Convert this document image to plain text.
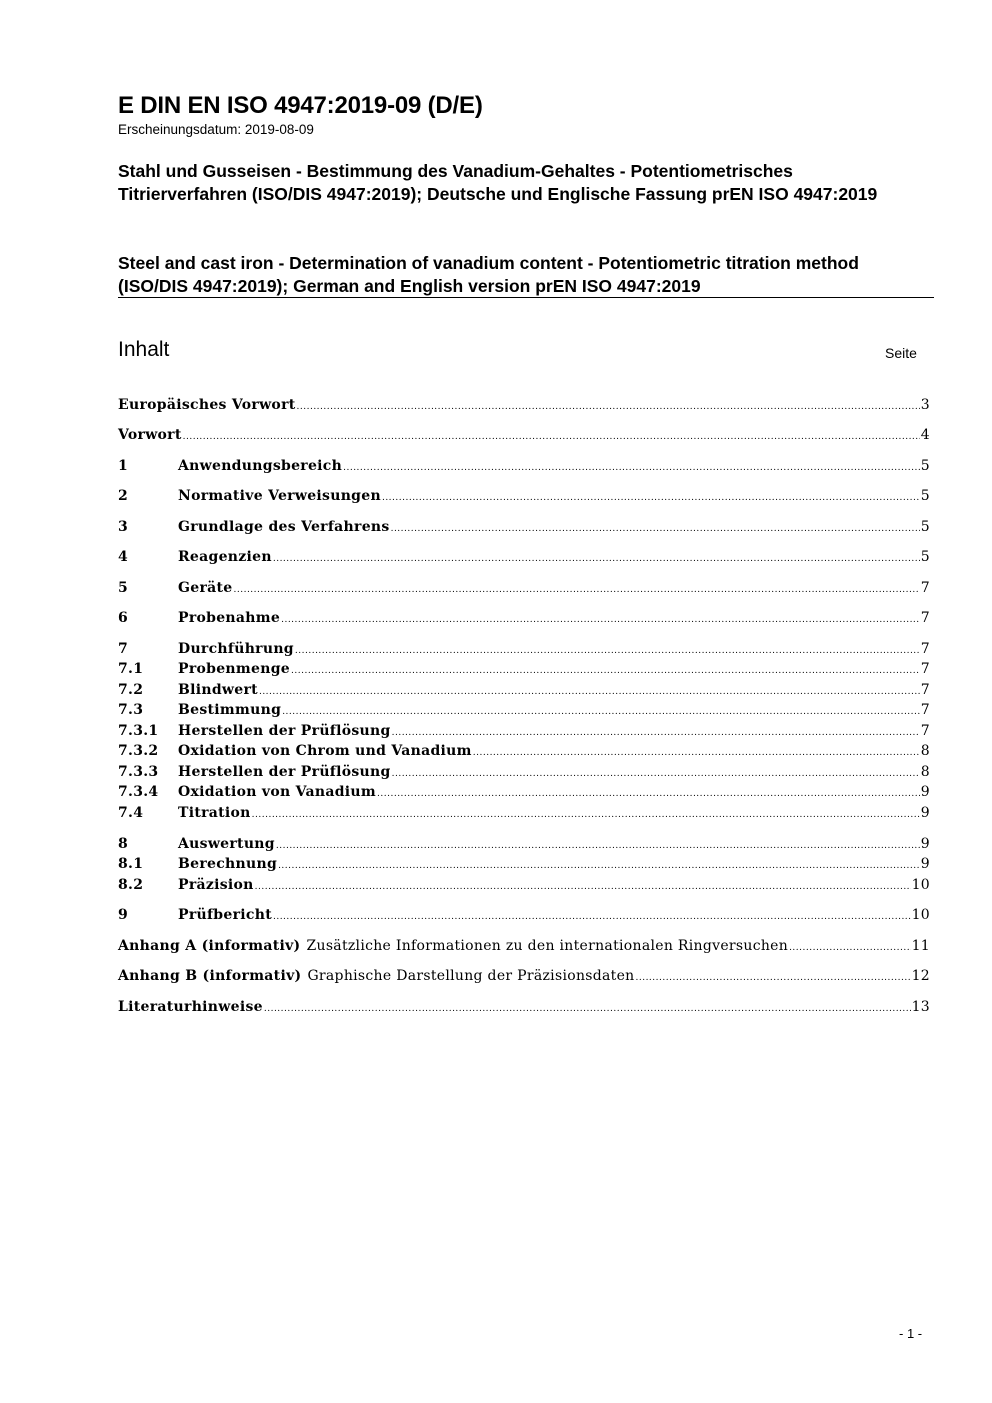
E DIN EN ISO 4947:2019-09 (D/E)
Erscheinungsdatum: 2019-08-09
Stahl und Gusseisen - Bestimmung des Vanadium-Gehaltes - Potentiometrisches Titrierverfahren (ISO/DIS 4947:2019); Deutsche und Englische Fassung prEN ISO 4947:2019
Steel and cast iron - Determination of vanadium content - Potentiometric titration method (ISO/DIS 4947:2019); German and English version prEN ISO 4947:2019
Inhalt	Seite
Europäisches Vorwort .....	3
Vorwort .....	4
1	Anwendungsbereich .....	5
2	Normative Verweisungen .....	5
3	Grundlage des Verfahrens .....	5
4	Reagenzien .....	5
5	Geräte .....	7
6	Probenahme .....	7
7	Durchführung .....	7
7.1	Probenmenge .....	7
7.2	Blindwert .....	7
7.3	Bestimmung .....	7
7.3.1	Herstellen der Prüflösung .....	7
7.3.2	Oxidation von Chrom und Vanadium .....	8
7.3.3	Herstellen der Prüflösung .....	8
7.3.4	Oxidation von Vanadium .....	9
7.4	Titration .....	9
8	Auswertung .....	9
8.1	Berechnung .....	9
8.2	Präzision .....	10
9	Prüfbericht .....	10
Anhang A (informativ) Zusätzliche Informationen zu den internationalen Ringversuchen .....	11
Anhang B (informativ) Graphische Darstellung der Präzisionsdaten .....	12
Literaturhinweise .....	13
- 1 -
